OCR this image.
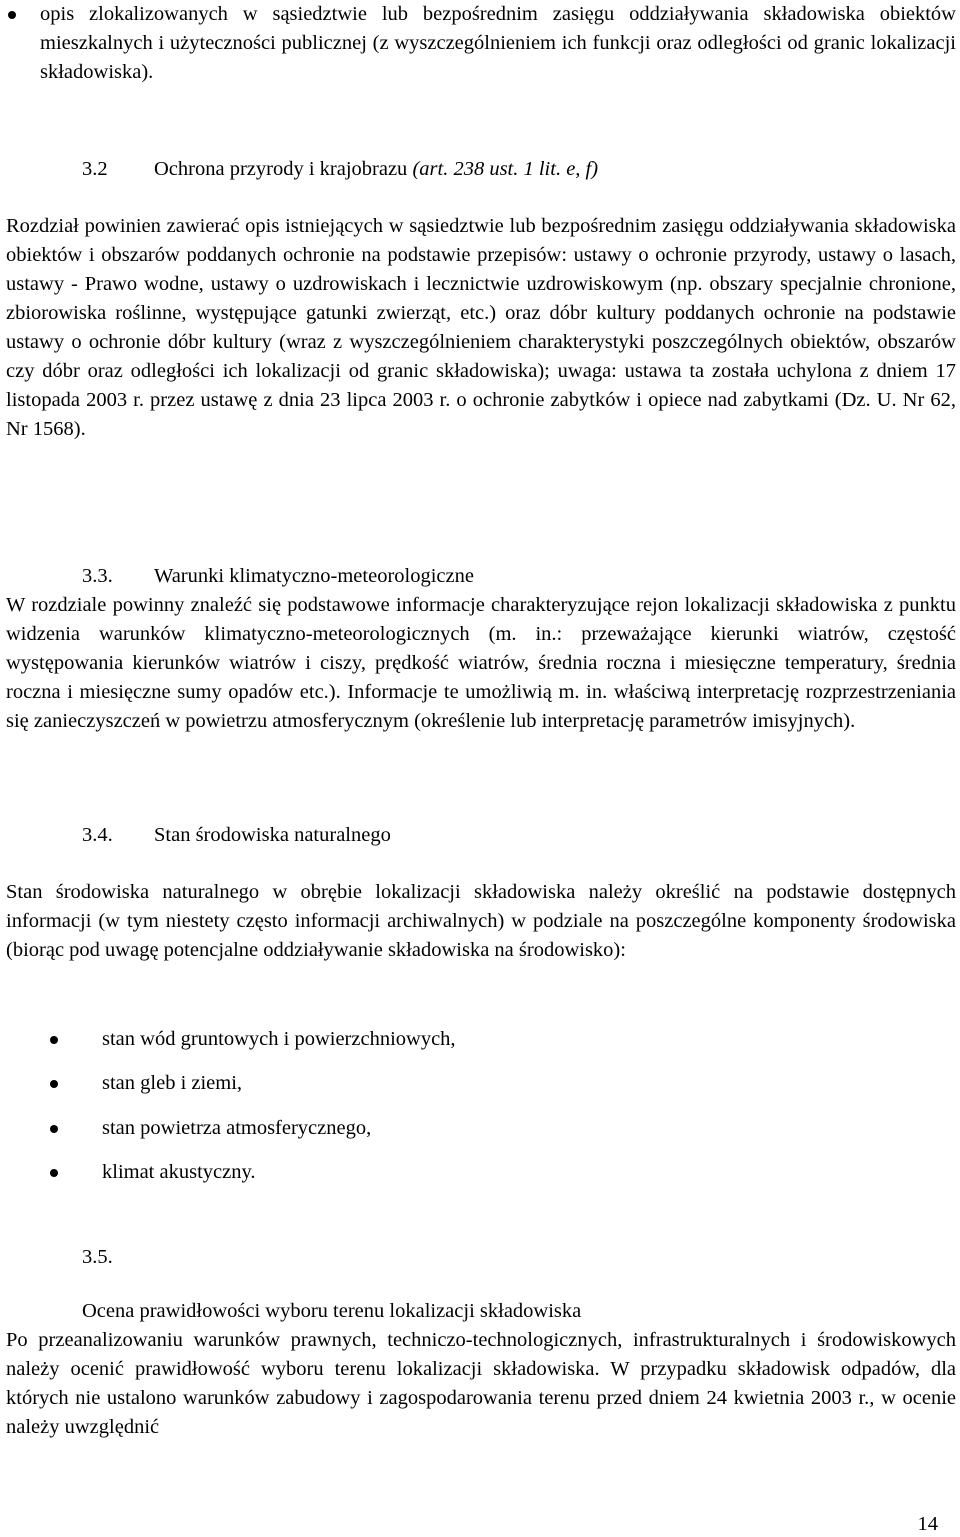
opis zlokalizowanych w sąsiedztwie lub bezpośrednim zasięgu oddziaływania składowiska obiektów mieszkalnych i użyteczności publicznej (z wyszczególnieniem ich funkcji oraz odległości od granic lokalizacji składowiska).

3.2 Ochrona przyrody i krajobrazu (art. 238 ust. 1 lit. e, f)

Rozdział powinien zawierać opis istniejących w sąsiedztwie lub bezpośrednim zasięgu oddziaływania składowiska obiektów i obszarów poddanych ochronie na podstawie przepisów: ustawy o ochronie przyrody, ustawy o lasach, ustawy - Prawo wodne, ustawy o uzdrowiskach i lecznictwie uzdrowiskowym (np. obszary specjalnie chronione, zbiorowiska roślinne, występujące gatunki zwierząt, etc.) oraz dóbr kultury poddanych ochronie na podstawie ustawy o ochronie dóbr kultury (wraz z wyszczególnieniem charakterystyki poszczególnych obiektów, obszarów czy dóbr oraz odległości ich lokalizacji od granic składowiska); uwaga: ustawa ta została uchylona z dniem 17 listopada 2003 r. przez ustawę z dnia 23 lipca 2003 r. o ochronie zabytków i opiece nad zabytkami (Dz. U. Nr 62, Nr 1568).

3.3. Warunki klimatyczno-meteorologiczne

W rozdziale powinny znaleźć się podstawowe informacje charakteryzujące rejon lokalizacji składowiska z punktu widzenia warunków klimatyczno-meteorologicznych (m. in.: przeważające kierunki wiatrów, częstość występowania kierunków wiatrów i ciszy, prędkość wiatrów, średnia roczna i miesięczne temperatury, średnia roczna i miesięczne sumy opadów etc.). Informacje te umożliwią m. in. właściwą interpretację rozprzestrzeniania się zanieczyszczeń w powietrzu atmosferycznym (określenie lub interpretację parametrów imisyjnych).

3.4. Stan środowiska naturalnego

Stan środowiska naturalnego w obrębie lokalizacji składowiska należy określić na podstawie dostępnych informacji (w tym niestety często informacji archiwalnych) w podziale na poszczególne komponenty środowiska (biorąc pod uwagę potencjalne oddziaływanie składowiska na środowisko):

stan wód gruntowych i powierzchniowych,
stan gleb i ziemi,
stan powietrza atmosferycznego,
klimat akustyczny.
3.5.
Ocena prawidłowości wyboru terenu lokalizacji składowiska

Po przeanalizowaniu warunków prawnych, techniczo-technologicznych, infrastrukturalnych i środowiskowych należy ocenić prawidłowość wyboru terenu lokalizacji składowiska. W przypadku składowisk odpadów, dla których nie ustalono warunków zabudowy i zagospodarowania terenu przed dniem 24 kwietnia 2003 r., w ocenie należy uwzględnić

14
